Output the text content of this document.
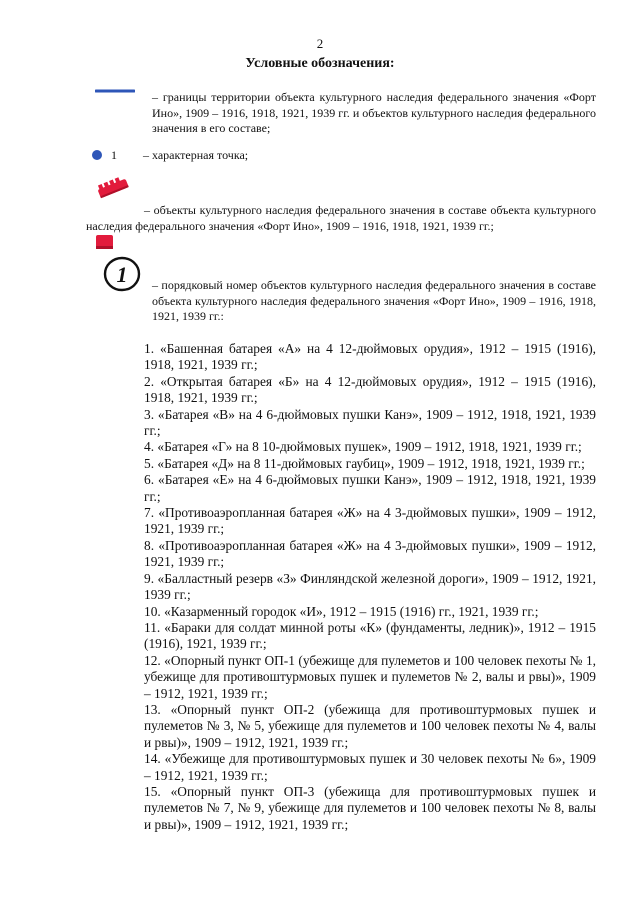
2
Условные обозначения:
– границы территории объекта культурного наследия федерального значения «Форт Ино», 1909 – 1916, 1918, 1921, 1939 гг. и объектов культурного наследия федерального значения в его составе;
1 – характерная точка;
– объекты культурного наследия федерального значения в составе объекта культурного наследия федерального значения «Форт Ино», 1909 – 1916, 1918, 1921, 1939 гг.;
1 – порядковый номер объектов культурного наследия федерального значения в составе объекта культурного наследия федерального значения «Форт Ино», 1909 – 1916, 1918, 1921, 1939 гг.:

1. «Башенная батарея «А» на 4 12-дюймовых орудия», 1912 – 1915 (1916), 1918, 1921, 1939 гг.;

2. «Открытая батарея «Б» на 4 12-дюймовых орудия», 1912 – 1915 (1916), 1918, 1921, 1939 гг.;

3. «Батарея «В» на 4 6-дюймовых пушки Канэ», 1909 – 1912, 1918, 1921, 1939 гг.;

4. «Батарея «Г» на 8 10-дюймовых пушек», 1909 – 1912, 1918, 1921, 1939 гг.;

5. «Батарея «Д» на 8 11-дюймовых гаубиц», 1909 – 1912, 1918, 1921, 1939 гг.;

6. «Батарея «Е» на 4 6-дюймовых пушки Канэ», 1909 – 1912, 1918, 1921, 1939 гг.;

7. «Противоаэропланная батарея «Ж» на 4 3-дюймовых пушки», 1909 – 1912, 1921, 1939 гг.;

8. «Противоаэропланная батарея «Ж» на 4 3-дюймовых пушки», 1909 – 1912, 1921, 1939 гг.;

9. «Балластный резерв «З» Финляндской железной дороги», 1909 – 1912, 1921, 1939 гг.;

10. «Казарменный городок «И», 1912 – 1915 (1916) гг., 1921, 1939 гг.;

11. «Бараки для солдат минной роты «К» (фундаменты, ледник)», 1912 – 1915 (1916), 1921, 1939 гг.;

12. «Опорный пункт ОП-1 (убежище для пулеметов и 100 человек пехоты № 1, убежище для противоштурмовых пушек и пулеметов № 2, валы и рвы)», 1909 – 1912, 1921, 1939 гг.;

13. «Опорный пункт ОП-2 (убежища для противоштурмовых пушек и пулеметов № 3, № 5, убежище для пулеметов и 100 человек пехоты № 4, валы и рвы)», 1909 – 1912, 1921, 1939 гг.;

14. «Убежище для противоштурмовых пушек и 30 человек пехоты № 6», 1909 – 1912, 1921, 1939 гг.;

15. «Опорный пункт ОП-3 (убежища для противоштурмовых пушек и пулеметов № 7, № 9, убежище для пулеметов и 100 человек пехоты № 8, валы и рвы)», 1909 – 1912, 1921, 1939 гг.;
